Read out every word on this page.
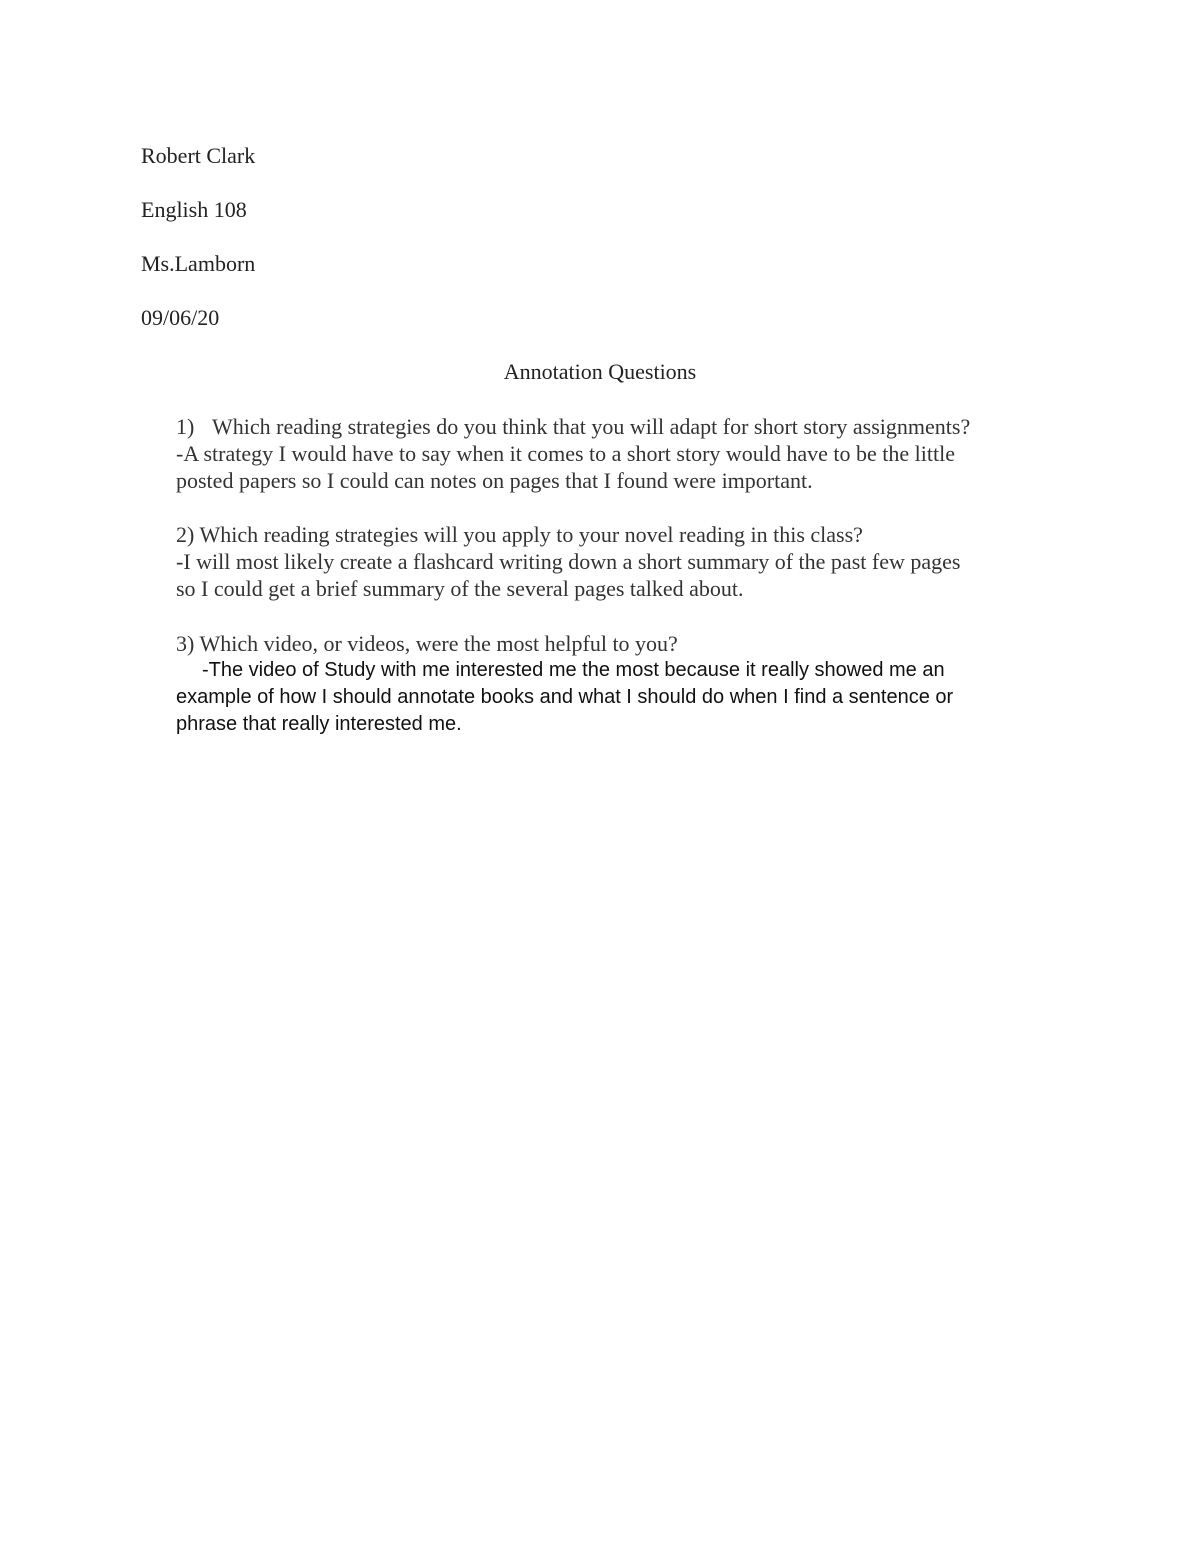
Robert Clark
English 108
Ms.Lamborn
09/06/20
Annotation Questions
1) Which reading strategies do you think that you will adapt for short story assignments?
-A strategy I would have to say when it comes to a short story would have to be the little
posted papers so I could can notes on pages that I found were important.
2) Which reading strategies will you apply to your novel reading in this class?
-I will most likely create a flashcard writing down a short summary of the past few pages
so I could get a brief summary of the several pages talked about.
3) Which video, or videos, were the most helpful to you?
-The video of Study with me interested me the most because it really showed me an
example of how I should annotate books and what I should do when I find a sentence or
phrase that really interested me.
